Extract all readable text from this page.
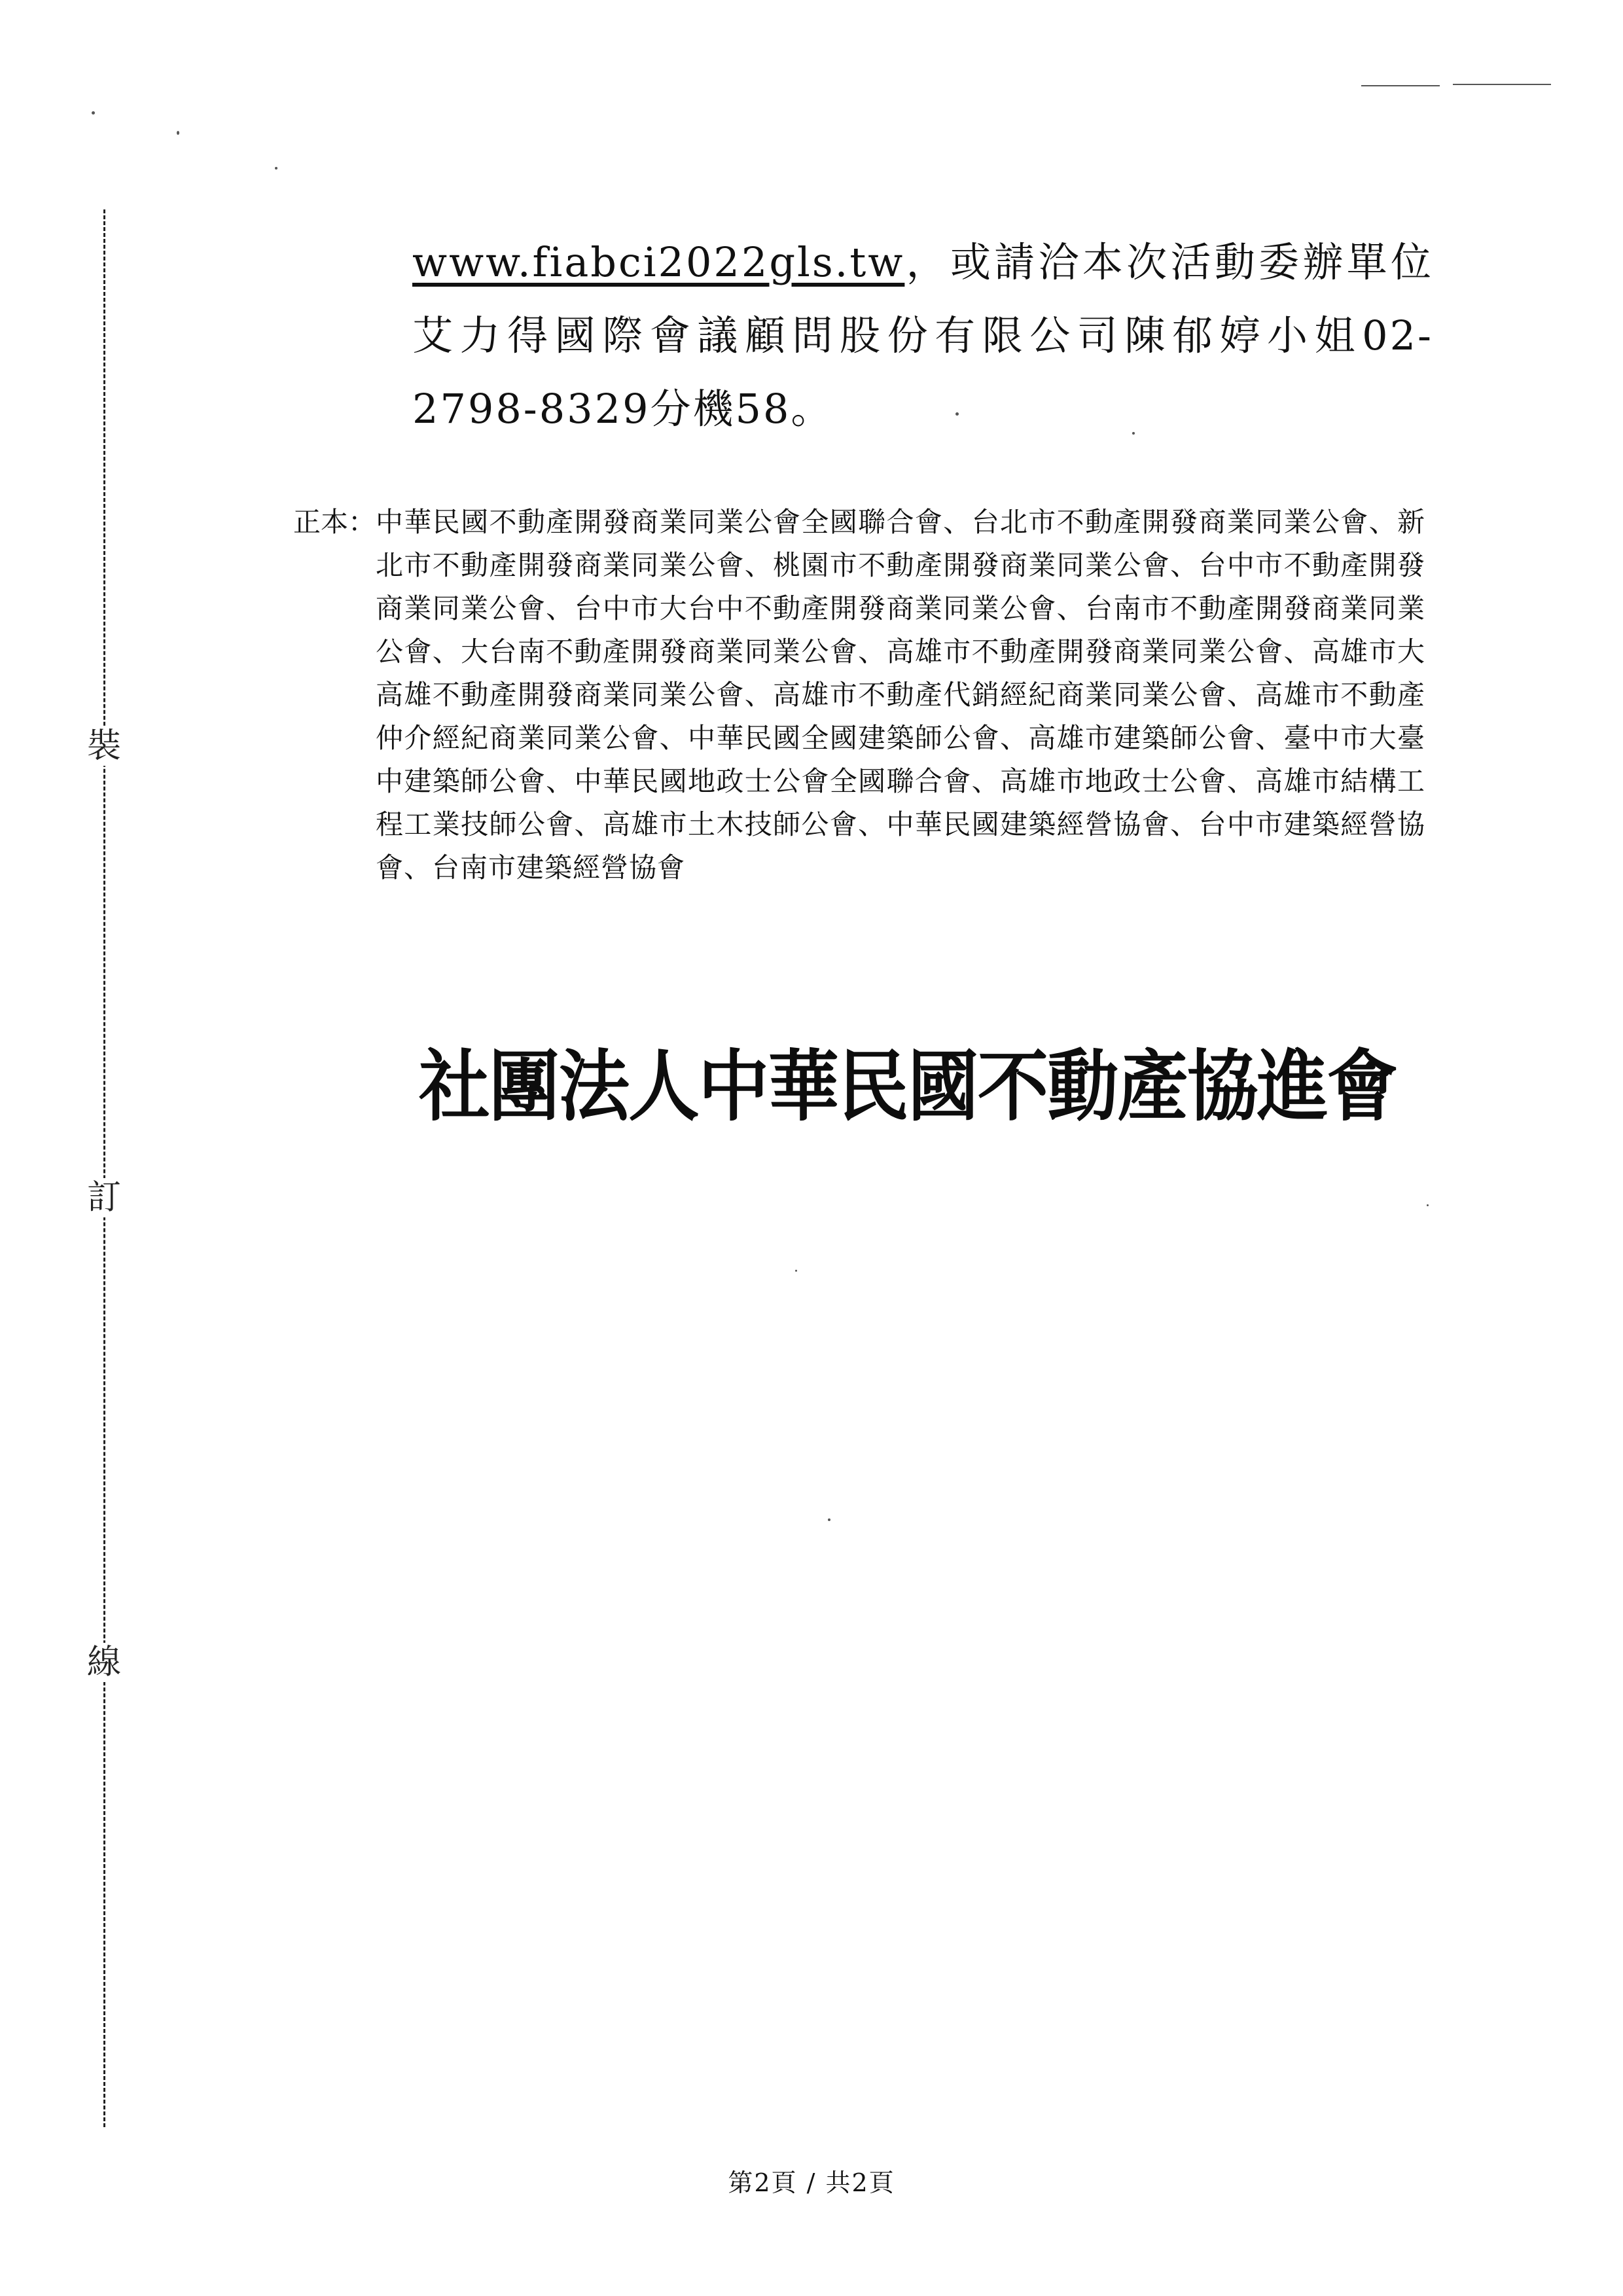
裝
訂
線
www.fiabci2022gls.tw，或請洽本次活動委辦單位艾力得國際會議顧問股份有限公司陳郁婷小姐02-2798-8329分機58。
正本： 中華民國不動產開發商業同業公會全國聯合會、台北市不動產開發商業同業公會、新北市不動產開發商業同業公會、桃園市不動產開發商業同業公會、台中市不動產開發商業同業公會、台中市大台中不動產開發商業同業公會、台南市不動產開發商業同業公會、大台南不動產開發商業同業公會、高雄市不動產開發商業同業公會、高雄市大高雄不動產開發商業同業公會、高雄市不動產代銷經紀商業同業公會、高雄市不動產仲介經紀商業同業公會、中華民國全國建築師公會、高雄市建築師公會、臺中市大臺中建築師公會、中華民國地政士公會全國聯合會、高雄市地政士公會、高雄市結構工程工業技師公會、高雄市土木技師公會、中華民國建築經營協會、台中市建築經營協會、台南市建築經營協會
社團法人中華民國不動產協進會
第2頁 / 共2頁
